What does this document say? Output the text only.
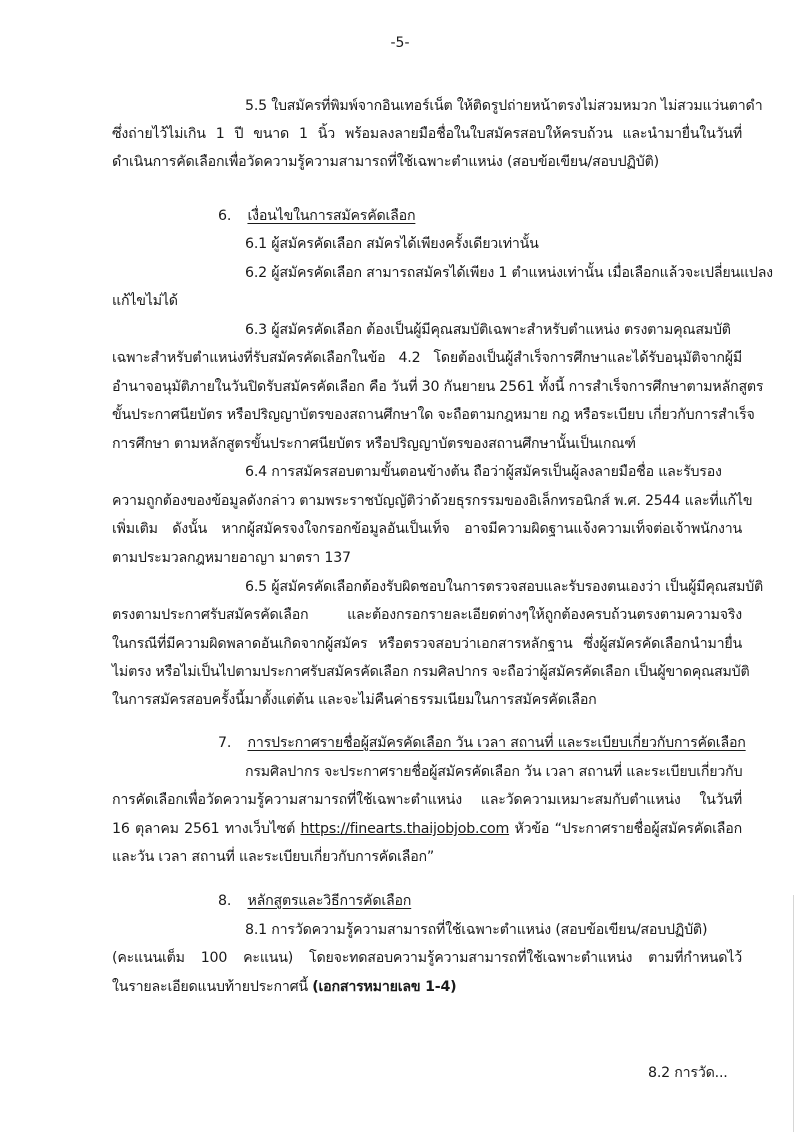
-5-
5.5 ใบสมัครที่พิมพ์จากอินเทอร์เน็ต ให้ติดรูปถ่ายหน้าตรงไม่สวมหมวก ไม่สวมแว่นตาดำ
ซึ่งถ่ายไว้ไม่เกิน 1 ปี ขนาด 1 นิ้ว พร้อมลงลายมือชื่อในใบสมัครสอบให้ครบถ้วน และนำมายื่นในวันที่
ดำเนินการคัดเลือกเพื่อวัดความรู้ความสามารถที่ใช้เฉพาะตำแหน่ง (สอบข้อเขียน/สอบปฏิบัติ)
6. เงื่อนไขในการสมัครคัดเลือก
6.1 ผู้สมัครคัดเลือก สมัครได้เพียงครั้งเดียวเท่านั้น
6.2 ผู้สมัครคัดเลือก สามารถสมัครได้เพียง 1 ตำแหน่งเท่านั้น เมื่อเลือกแล้วจะเปลี่ยนแปลง
แก้ไขไม่ได้
6.3 ผู้สมัครคัดเลือก ต้องเป็นผู้มีคุณสมบัติเฉพาะสำหรับตำแหน่ง ตรงตามคุณสมบัติ
เฉพาะสำหรับตำแหน่งที่รับสมัครคัดเลือกในข้อ 4.2 โดยต้องเป็นผู้สำเร็จการศึกษาและได้รับอนุมัติจากผู้มี
อำนาจอนุมัติภายในวันปิดรับสมัครคัดเลือก คือ วันที่ 30 กันยายน 2561 ทั้งนี้ การสำเร็จการศึกษาตามหลักสูตร
ขั้นประกาศนียบัตร หรือปริญญาบัตรของสถานศึกษาใด จะถือตามกฎหมาย กฎ หรือระเบียบ เกี่ยวกับการสำเร็จ
การศึกษา ตามหลักสูตรขั้นประกาศนียบัตร หรือปริญญาบัตรของสถานศึกษานั้นเป็นเกณฑ์
6.4 การสมัครสอบตามขั้นตอนข้างต้น ถือว่าผู้สมัครเป็นผู้ลงลายมือชื่อ และรับรอง
ความถูกต้องของข้อมูลดังกล่าว ตามพระราชบัญญัติว่าด้วยธุรกรรมของอิเล็กทรอนิกส์ พ.ศ. 2544 และที่แก้ไข
เพิ่มเติม ดังนั้น หากผู้สมัครจงใจกรอกข้อมูลอันเป็นเท็จ อาจมีความผิดฐานแจ้งความเท็จต่อเจ้าพนักงาน
ตามประมวลกฎหมายอาญา มาตรา 137
6.5 ผู้สมัครคัดเลือกต้องรับผิดชอบในการตรวจสอบและรับรองตนเองว่า เป็นผู้มีคุณสมบัติ
ตรงตามประกาศรับสมัครคัดเลือก และต้องกรอกรายละเอียดต่างๆให้ถูกต้องครบถ้วนตรงตามความจริง
ในกรณีที่มีความผิดพลาดอันเกิดจากผู้สมัคร หรือตรวจสอบว่าเอกสารหลักฐาน ซึ่งผู้สมัครคัดเลือกนำมายื่น
ไม่ตรง หรือไม่เป็นไปตามประกาศรับสมัครคัดเลือก กรมศิลปากร จะถือว่าผู้สมัครคัดเลือก เป็นผู้ขาดคุณสมบัติ
ในการสมัครสอบครั้งนี้มาตั้งแต่ต้น และจะไม่คืนค่าธรรมเนียมในการสมัครคัดเลือก
7. การประกาศรายชื่อผู้สมัครคัดเลือก วัน เวลา สถานที่ และระเบียบเกี่ยวกับการคัดเลือก
กรมศิลปากร จะประกาศรายชื่อผู้สมัครคัดเลือก วัน เวลา สถานที่ และระเบียบเกี่ยวกับ
การคัดเลือกเพื่อวัดความรู้ความสามารถที่ใช้เฉพาะตำแหน่ง และวัดความเหมาะสมกับตำแหน่ง ในวันที่
16 ตุลาคม 2561 ทางเว็บไซต์ https://finearts.thaijobjob.com หัวข้อ “ประกาศรายชื่อผู้สมัครคัดเลือก
และวัน เวลา สถานที่ และระเบียบเกี่ยวกับการคัดเลือก”
8. หลักสูตรและวิธีการคัดเลือก
8.1 การวัดความรู้ความสามารถที่ใช้เฉพาะตำแหน่ง (สอบข้อเขียน/สอบปฏิบัติ)
(คะแนนเต็ม 100 คะแนน) โดยจะทดสอบความรู้ความสามารถที่ใช้เฉพาะตำแหน่ง ตามที่กำหนดไว้
ในรายละเอียดแนบท้ายประกาศนี้ (เอกสารหมายเลข 1-4)
8.2 การวัด...
